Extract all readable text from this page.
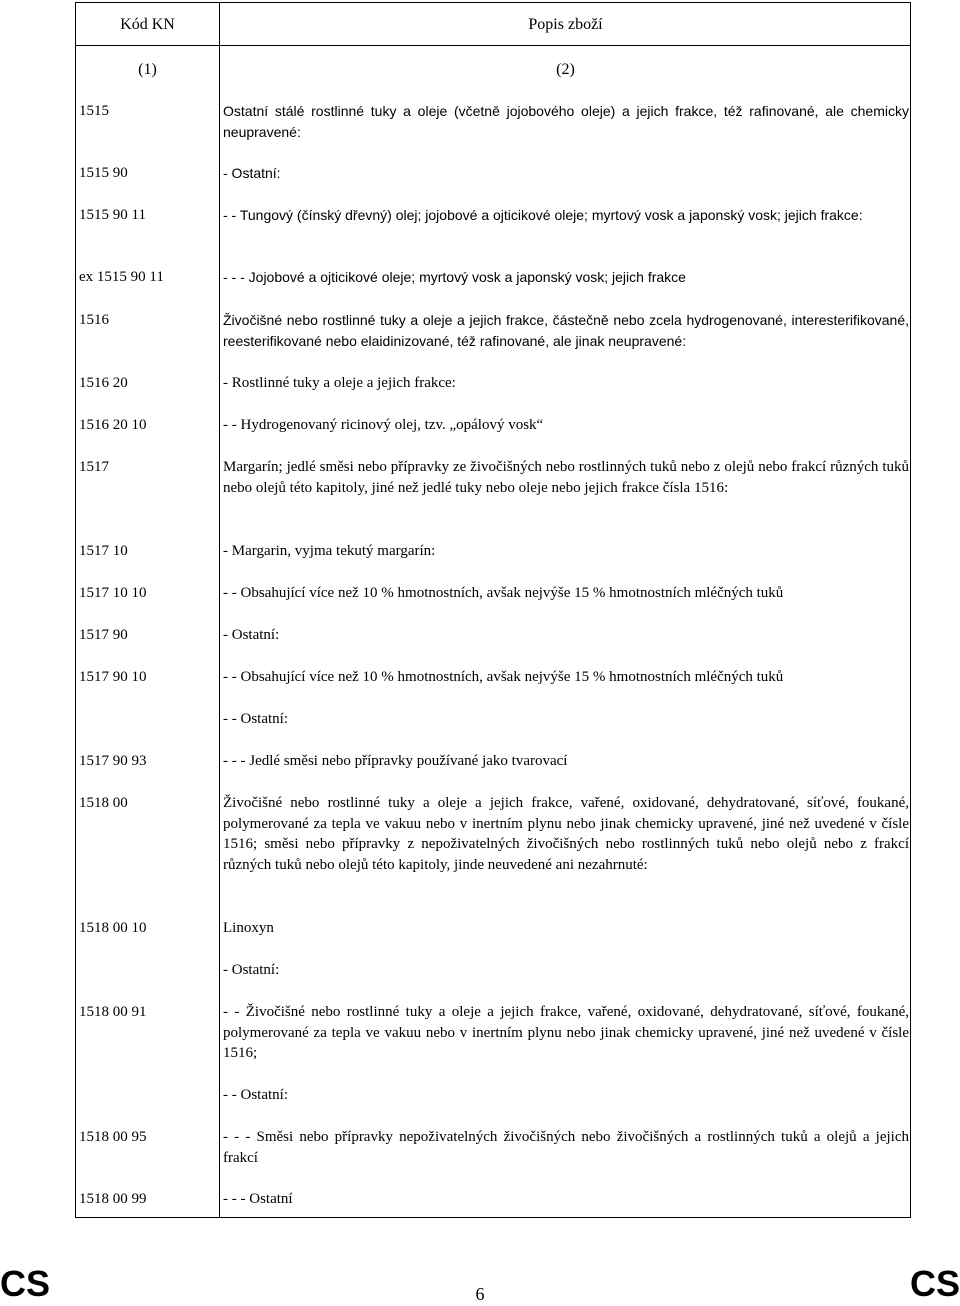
Kód KN	Popis zboží
(1)	(2)
1515	Ostatní stálé rostlinné tuky a oleje (včetně jojobového oleje) a jejich frakce, též rafinované, ale chemicky neupravené:
1515 90	- Ostatní:
1515 90 11	- - Tungový (čínský dřevný) olej; jojobové a ojticikové oleje; myrtový vosk a japonský vosk; jejich frakce:
ex 1515 90 11	- - - Jojobové a ojticikové oleje; myrtový vosk a japonský vosk; jejich frakce
1516	Živočišné nebo rostlinné tuky a oleje a jejich frakce, částečně nebo zcela hydrogenované, interesterifikované, reesterifikované nebo elaidinizované, též rafinované, ale jinak neupravené:
1516 20	- Rostlinné tuky a oleje a jejich frakce:
1516 20 10	- - Hydrogenovaný ricinový olej, tzv. „opálový vosk“
1517	Margarín; jedlé směsi nebo přípravky ze živočišných nebo rostlinných tuků nebo z olejů nebo frakcí různých tuků nebo olejů této kapitoly, jiné než jedlé tuky nebo oleje nebo jejich frakce čísla 1516:
1517 10	- Margarin, vyjma tekutý margarín:
1517 10 10	- - Obsahující více než 10 % hmotnostních, avšak nejvýše 15 % hmotnostních mléčných tuků
1517 90	- Ostatní:
1517 90 10	- - Obsahující více než 10 % hmotnostních, avšak nejvýše 15 % hmotnostních mléčných tuků
- - Ostatní:
1517 90 93	- - - Jedlé směsi nebo přípravky používané jako tvarovací
1518 00	Živočišné nebo rostlinné tuky a oleje a jejich frakce, vařené, oxidované, dehydratované, síťové, foukané, polymerované za tepla ve vakuu nebo v inertním plynu nebo jinak chemicky upravené, jiné než uvedené v čísle 1516; směsi nebo přípravky z nepoživatelných živočišných nebo rostlinných tuků nebo olejů nebo z frakcí různých tuků nebo olejů této kapitoly, jinde neuvedené ani nezahrnuté:
1518 00 10	Linoxyn
- Ostatní:
1518 00 91	- - Živočišné nebo rostlinné tuky a oleje a jejich frakce, vařené, oxidované, dehydratované, síťové, foukané, polymerované za tepla ve vakuu nebo v inertním plynu nebo jinak chemicky upravené, jiné než uvedené v čísle 1516;
- - Ostatní:
1518 00 95	- - - Směsi nebo přípravky nepoživatelných živočišných nebo živočišných a rostlinných tuků a olejů a jejich frakcí
1518 00 99	- - - Ostatní
CS	6	CS
